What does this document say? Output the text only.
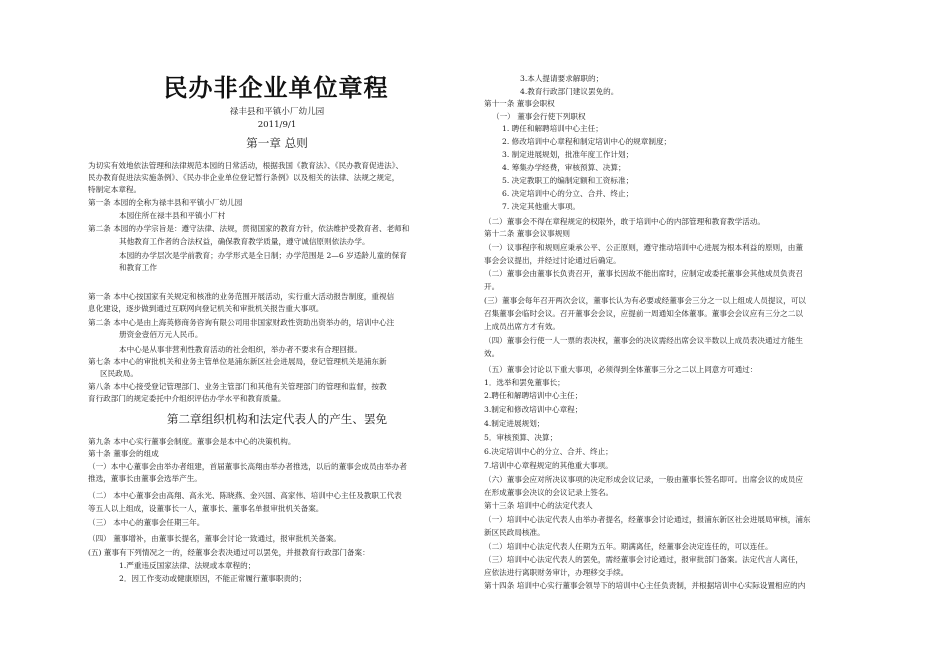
民办非企业单位章程
禄丰县和平镇小厂幼儿园
2011/9/1
第一章 总则
第二章组织机构和法定代表人的产生、罢免
为切实有效地依法管理和法律规范本园的日常活动，根据我国《教育法》、《民办教育促进法》、
民办教育促进法实施条例》、《民办非企业单位登记暂行条例》以及相关的法律、法规之规定，
特制定本章程。
第一条 本园的全称为禄丰县和平镇小厂幼儿园
本园住所在禄丰县和平镇小厂村
第二条 本园的办学宗旨是：遵守法律、法规，贯彻国家的教育方针，依法维护受教育者、老师和
其他教育工作者的合法权益，确保教育教学质量，遵守诚信原则依法办学。
本园的办学层次是学前教育；办学形式是全日制；办学范围是 2—6 岁适龄儿童的保育
和教育工作
第一条 本中心按国家有关规定和核准的业务范围开展活动，实行重大活动报告制度，重视信
息化建设，逐步做到通过互联网向登记机关和审批机关报告重大事项。
第二条 本中心是由上海英修商务咨询有限公司用非国家财政性资助出资举办的，培训中心注
册资金壹佰万元人民币。
本中心是从事非营利性教育活动的社会组织，举办者不要求有合理回报。
第七条 本中心的审批机关和业务主管单位是浦东新区社会进展局，登记管理机关是浦东新
区民政局。
第八条 本中心接受登记管理部门、业务主管部门和其他有关管理部门的管理和监督，按教
育行政部门的规定委托中介组织评估办学水平和教育质量。
第九条 本中心实行董事会制度。董事会是本中心的决策机构。
第十条 董事会的组成
（一）本中心董事会由举办者组建，首届董事长高翔由举办者推选，以后的董事会成员由举办者
推选，董事长由董事会选举产生。
（二） 本中心董事会由高翔、高永光、陈晓燕、金兴国、高家伟、培训中心主任及教职工代表
等五人以上组成，设董事长一人，董事长、董事名单报审批机关备案。
（三） 本中心的董事会任期三年。
（四） 董事增补，由董事长提名，董事会讨论一致通过，报审批机关备案。
(五) 董事有下列情况之一的，经董事会表决通过可以罢免，并报教育行政部门备案：
1.严重违反国家法律、法规或本章程的；
2．因工作变动或健康原因，不能正常履行董事职责的；
3.本人提请要求解职的；
4.教育行政部门建议罢免的。
第十一条 董事会职权
（一） 董事会行使下列职权
1. 聘任和解聘培训中心主任；
2. 修改培训中心章程和制定培训中心的规章制度；
3. 制定进展规划，批准年度工作计划；
4. 筹集办学经费，审核预算、决算；
5. 决定教职工的编制定额和工资标准；
6. 决定培训中心的分立、合并、终止；
7. 决定其他重大事项。
（二）董事会不得在章程规定的权限外，敢于培训中心的内部管理和教育教学活动。
第十二条 董事会议事规则
（一）议事程序和规则应秉承公平、公正原则，遵守推动培训中心进展为根本利益的原则，由董
事会会议提出，并经过讨论通过后确定。
（二）董事会由董事长负责召开，董事长因故不能出席时，应制定或委托董事会其他成员负责召
开。
(三）董事会每年召开两次会议，董事长认为有必要或经董事会三分之一以上组成人员提议，可以
召集董事会临时会议。召开董事会会议，应提前一周通知全体董事。董事会会议应有三分之二以
上成员出席方才有效。
（四）董事会行使一人一票的表决权，董事会的决议需经出席会议半数以上成员表决通过方能生
效。
（五）董事会讨论以下重大事项，必须得到全体董事三分之二以上同意方可通过：
1．选举和罢免董事长；
2.聘任和解聘培训中心主任；
3.制定和修改培训中心章程；
4.制定进展规划；
5．审核预算、决算；
6.决定培训中心的分立、合并、终止；
7.培训中心章程规定的其他重大事项。
（六）董事会应对所决议事项的决定形成会议记录，一般由董事长签名即可。出席会议的成员应
在形成董事会决议的会议记录上签名。
第十三条 培训中心的法定代表人
（一）培训中心法定代表人由举办者提名，经董事会讨论通过，报浦东新区社会进展局审核，浦东
新区民政局核准。
（二）培训中心法定代表人任期为五年。期满离任，经董事会决定连任的，可以连任。
（三）培训中心法定代表人的罢免，需经董事会讨论通过，报审批部门备案。法定代言人离任，
应依法进行离职财务审计，办理移交手续。
第十四条 培训中心实行董事会领导下的培训中心主任负责制，并根据培训中心实际设置相应的内
